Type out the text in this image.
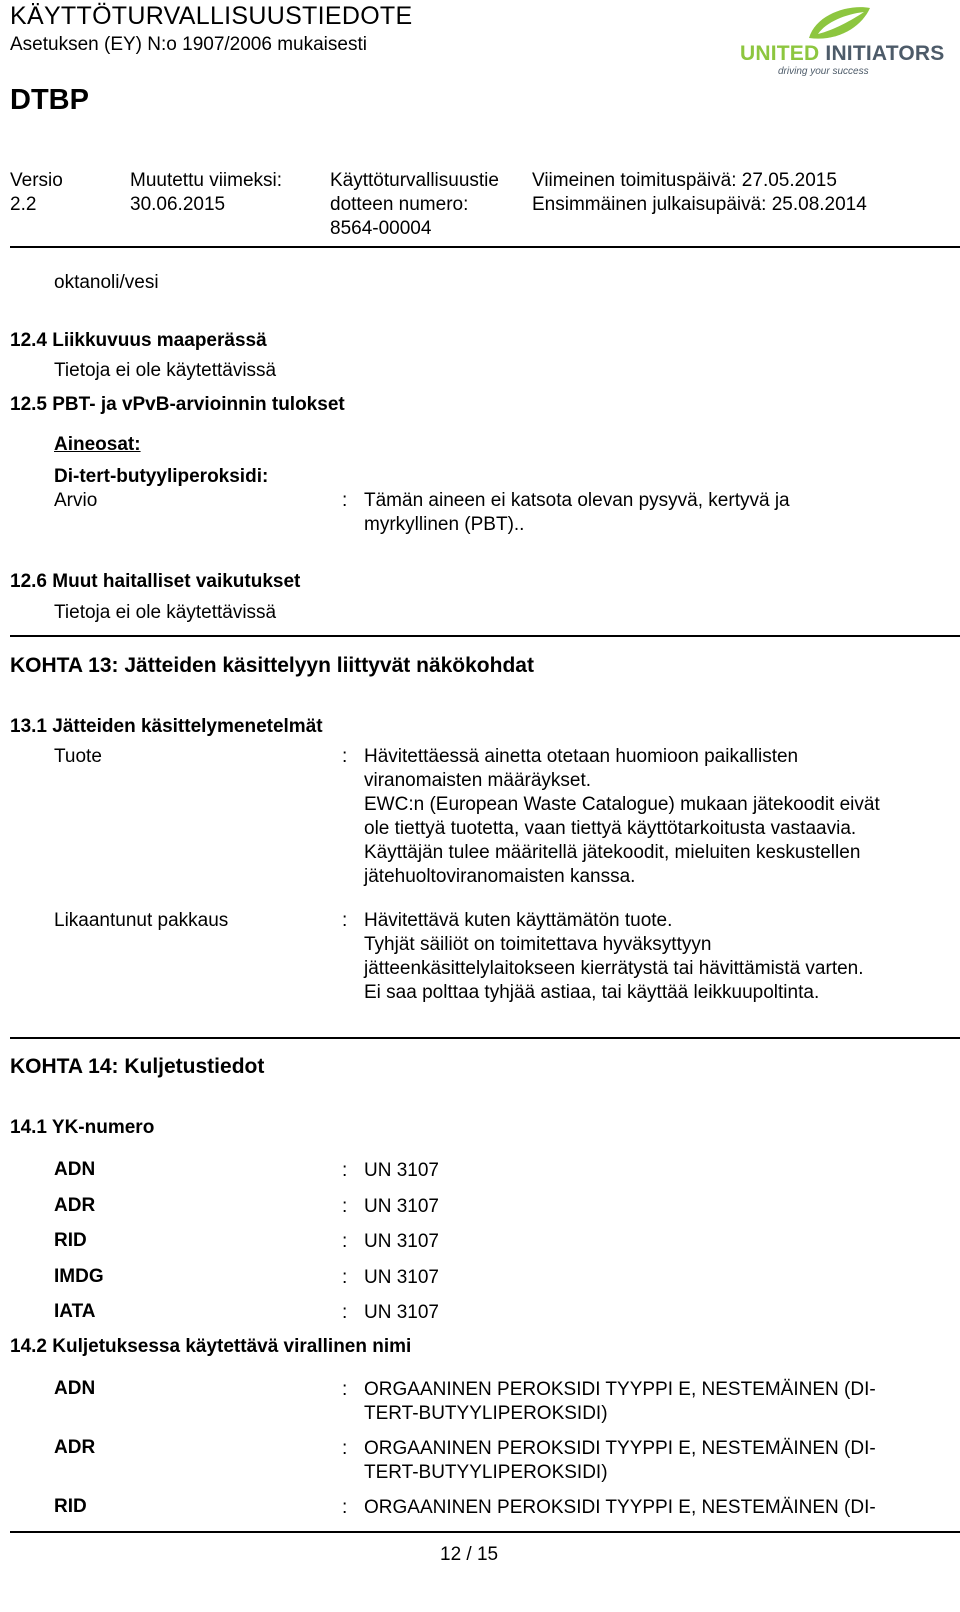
KÄYTTÖTURVALLISUUSTIEDOTE
Asetuksen (EY) N:o 1907/2006 mukaisesti
DTBP
UNITED INITIATORS
driving your success
Versio
2.2
Muutettu viimeksi:
30.06.2015
Käyttöturvallisuustie
dotteen numero:
8564-00004
Viimeinen toimituspäivä: 27.05.2015
Ensimmäinen julkaisupäivä: 25.08.2014
oktanoli/vesi
12.4 Liikkuvuus maaperässä
Tietoja ei ole käytettävissä
12.5 PBT- ja vPvB-arvioinnin tulokset
Aineosat:
Di-tert-butyyliperoksidi:
Arvio	: Tämän aineen ei katsota olevan pysyvä, kertyvä ja
myrkyllinen (PBT)..
12.6 Muut haitalliset vaikutukset
Tietoja ei ole käytettävissä
KOHTA 13: Jätteiden käsittelyyn liittyvät näkökohdat
13.1 Jätteiden käsittelymenetelmät
Tuote	: Hävitettäessä ainetta otetaan huomioon paikallisten
viranomaisten määräykset.
EWC:n (European Waste Catalogue) mukaan jätekoodit eivät
ole tiettyä tuotetta, vaan tiettyä käyttötarkoitusta vastaavia.
Käyttäjän tulee määritellä jätekoodit, mieluiten keskustellen
jätehuoltoviranomaisten kanssa.
Likaantunut pakkaus	: Hävitettävä kuten käyttämätön tuote.
Tyhjät säiliöt on toimitettava hyväksyttyyn
jätteenkäsittelylaitokseen kierrätystä tai hävittämistä varten.
Ei saa polttaa tyhjää astiaa, tai käyttää leikkuupoltinta.
KOHTA 14: Kuljetustiedot
14.1 YK-numero
ADN	: UN 3107
ADR	: UN 3107
RID	: UN 3107
IMDG	: UN 3107
IATA	: UN 3107
14.2 Kuljetuksessa käytettävä virallinen nimi
ADN	: ORGAANINEN PEROKSIDI TYYPPI E, NESTEMÄINEN (DI-
TERT-BUTYYLIPEROKSIDI)
ADR	: ORGAANINEN PEROKSIDI TYYPPI E, NESTEMÄINEN (DI-
TERT-BUTYYLIPEROKSIDI)
RID	: ORGAANINEN PEROKSIDI TYYPPI E, NESTEMÄINEN (DI-
12 / 15
